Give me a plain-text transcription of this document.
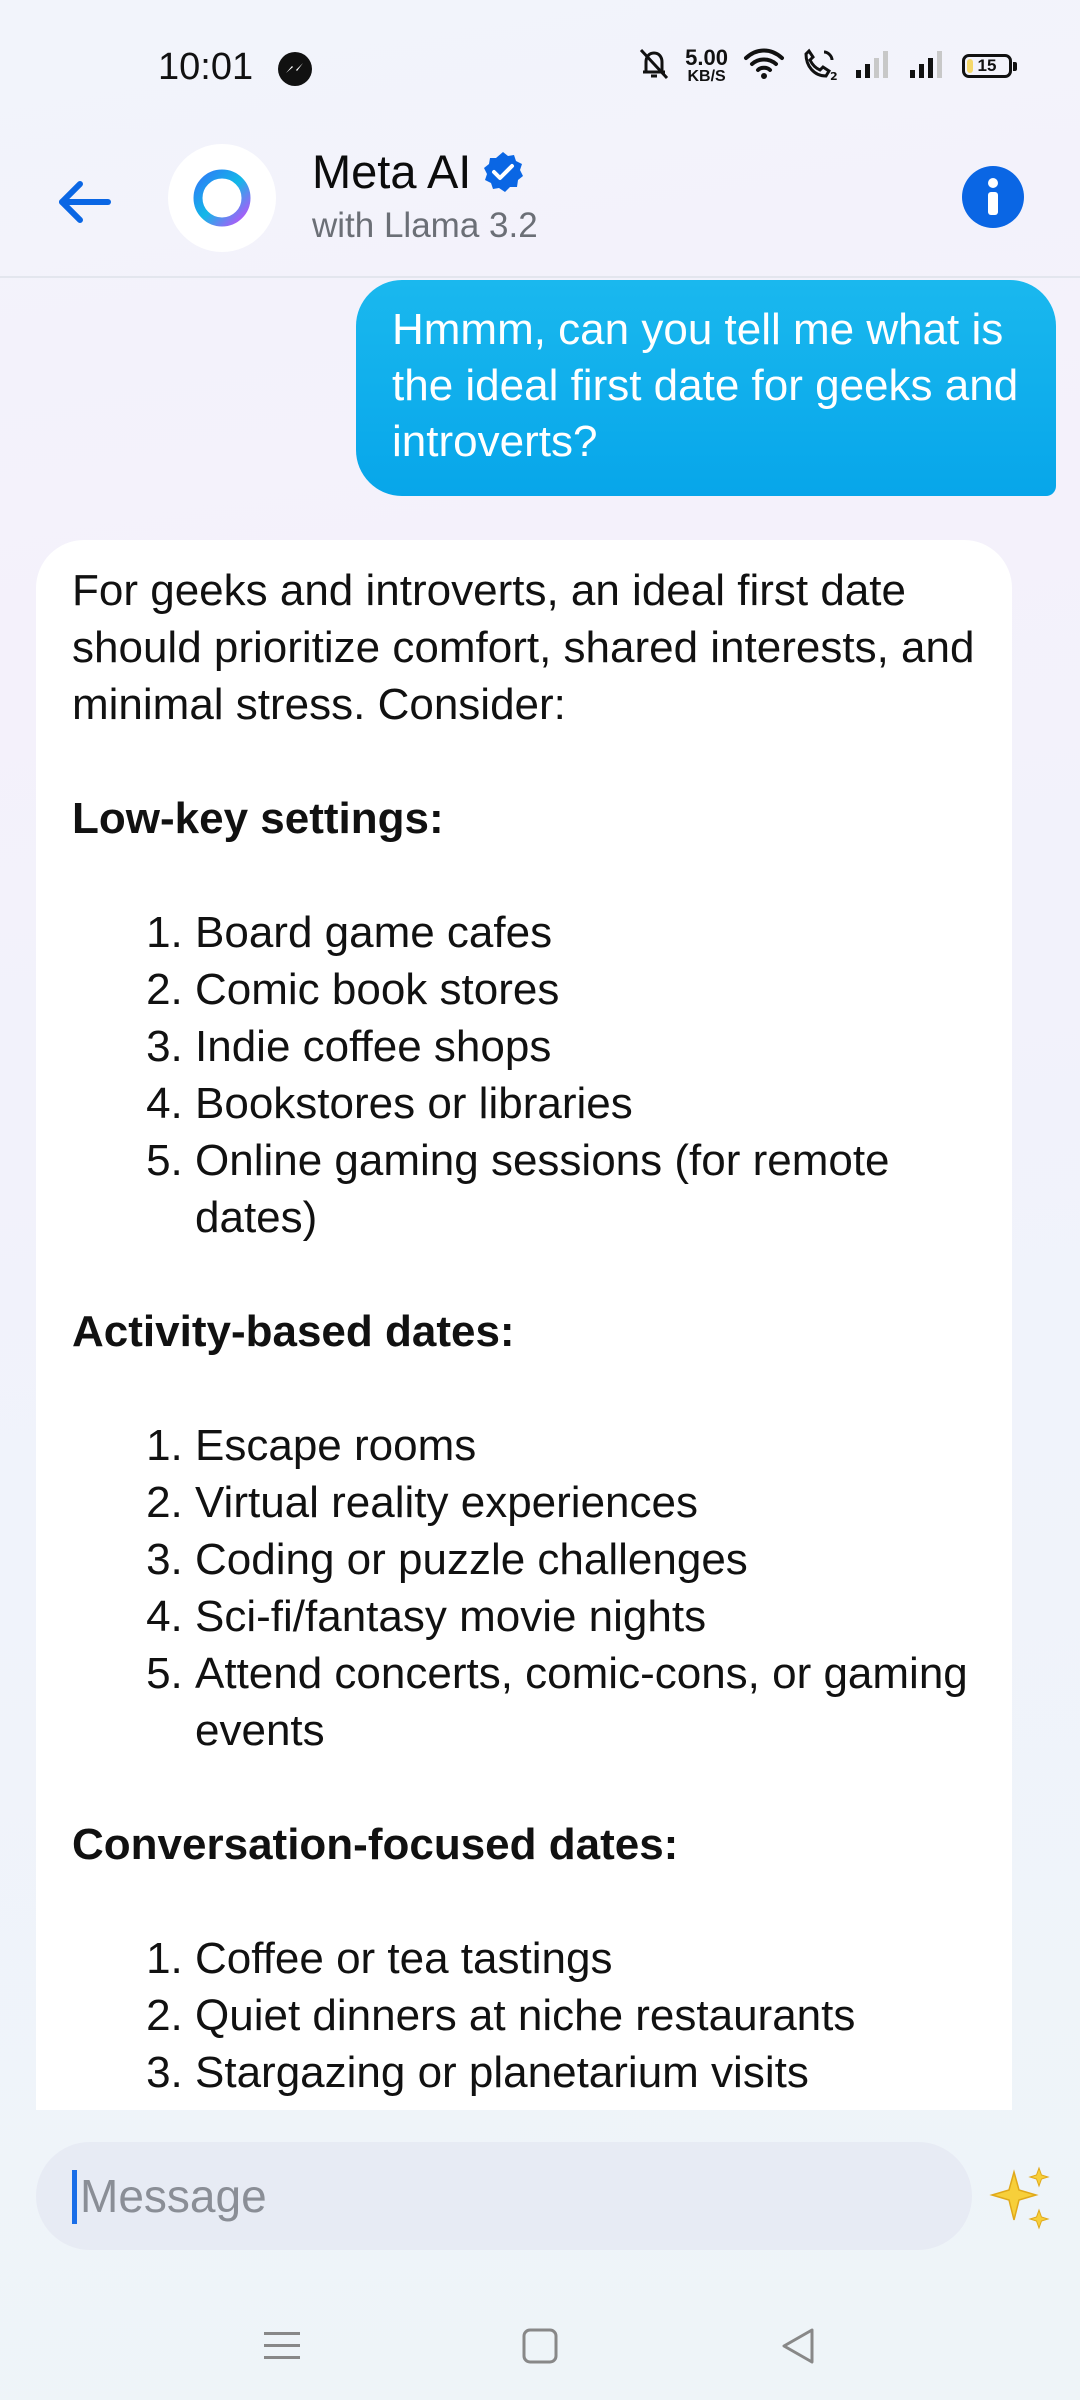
10:01	5.00
KB/S	2
15
Meta AI
with Llama 3.2
Hmmm, can you tell me what is the ideal first date for geeks and introverts?

For geeks and introverts, an ideal first date should prioritize comfort, shared interests, and minimal stress. Consider:

Low-key settings:

1. Board game cafes
2. Comic book stores
3. Indie coffee shops
4. Bookstores or libraries
5. Online gaming sessions (for remote dates)

Activity-based dates:

1. Escape rooms
2. Virtual reality experiences
3. Coding or puzzle challenges
4. Sci-fi/fantasy movie nights
5. Attend concerts, comic-cons, or gaming events

Conversation-focused dates:

1. Coffee or tea tastings
2. Quiet dinners at niche restaurants
3. Stargazing or planetarium visits
Message
